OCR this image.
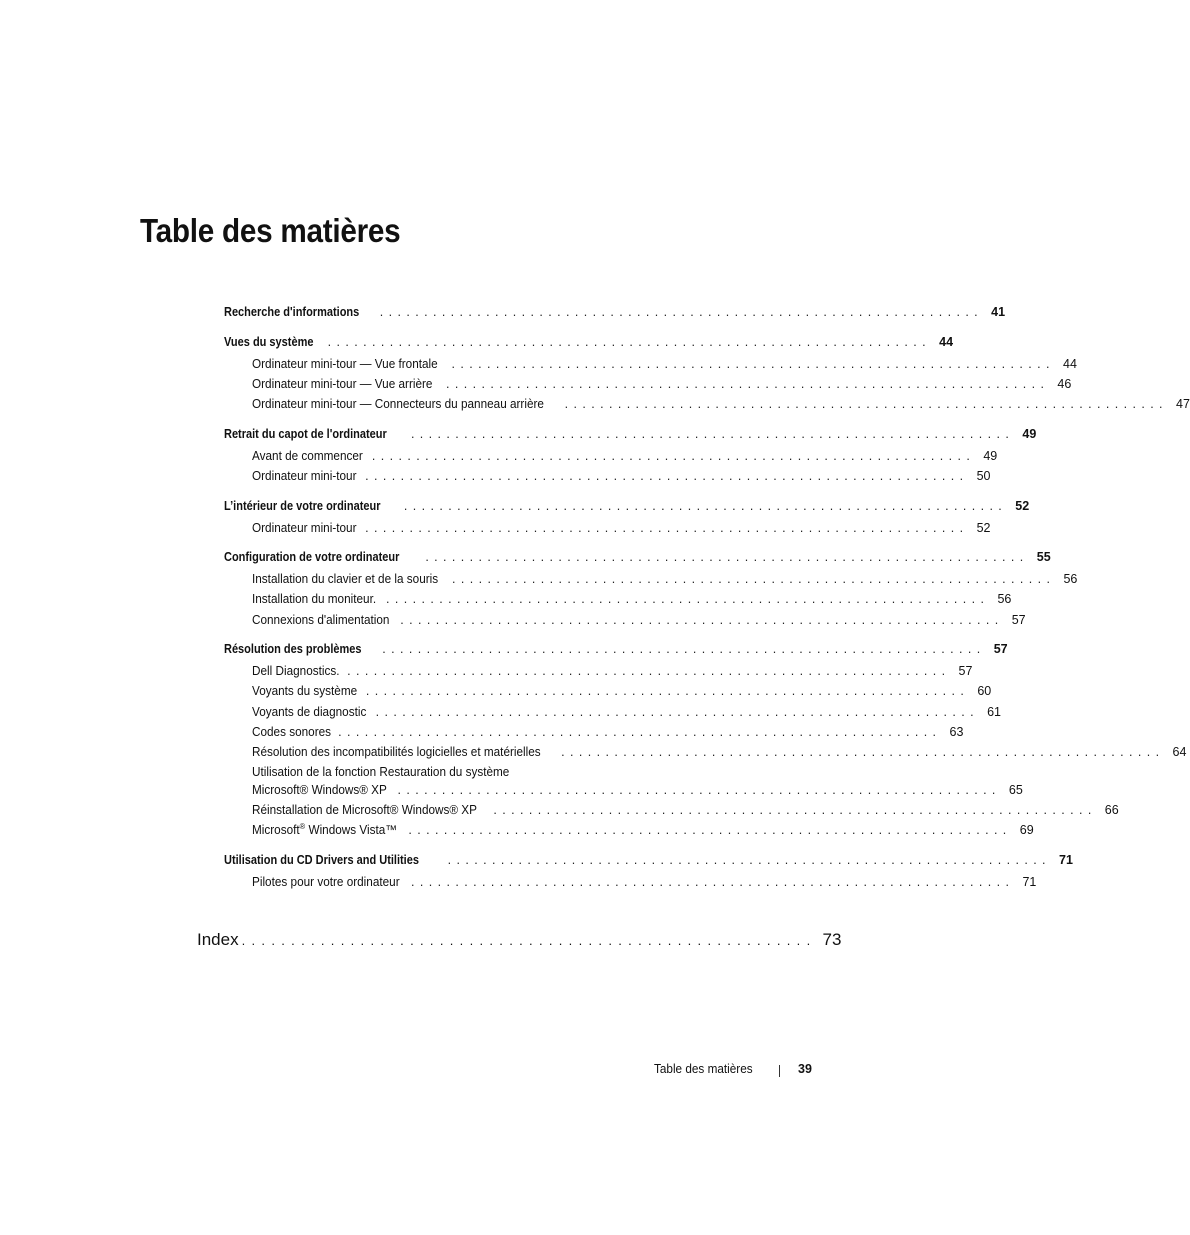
Table des matières
Recherche d'informations .................................................................... 41
Vues du système .................................................................... 44
Ordinateur mini-tour — Vue frontale .................................................................... 44
Ordinateur mini-tour — Vue arrière .................................................................... 46
Ordinateur mini-tour — Connecteurs du panneau arrière .................................................................... 47
Retrait du capot de l'ordinateur .................................................................... 49
Avant de commencer .................................................................... 49
Ordinateur mini-tour .................................................................... 50
L’intérieur de votre ordinateur .................................................................... 52
Ordinateur mini-tour .................................................................... 52
Configuration de votre ordinateur .................................................................... 55
Installation du clavier et de la souris .................................................................... 56
Installation du moniteur. .................................................................... 56
Connexions d'alimentation .................................................................... 57
Résolution des problèmes .................................................................... 57
Dell Diagnostics. .................................................................... 57
Voyants du système .................................................................... 60
Voyants de diagnostic .................................................................... 61
Codes sonores .................................................................... 63
Résolution des incompatibilités logicielles et matérielles .................................................................... 64
Utilisation de la fonction Restauration du système
Microsoft® Windows® XP .................................................................... 65
Réinstallation de Microsoft® Windows® XP .................................................................... 66
Microsoft® Windows Vista™ .................................................................... 69
Utilisation du CD Drivers and Utilities .................................................................... 71
Pilotes pour votre ordinateur .................................................................... 71
Index .......................................................... 73
Table des matières	39
